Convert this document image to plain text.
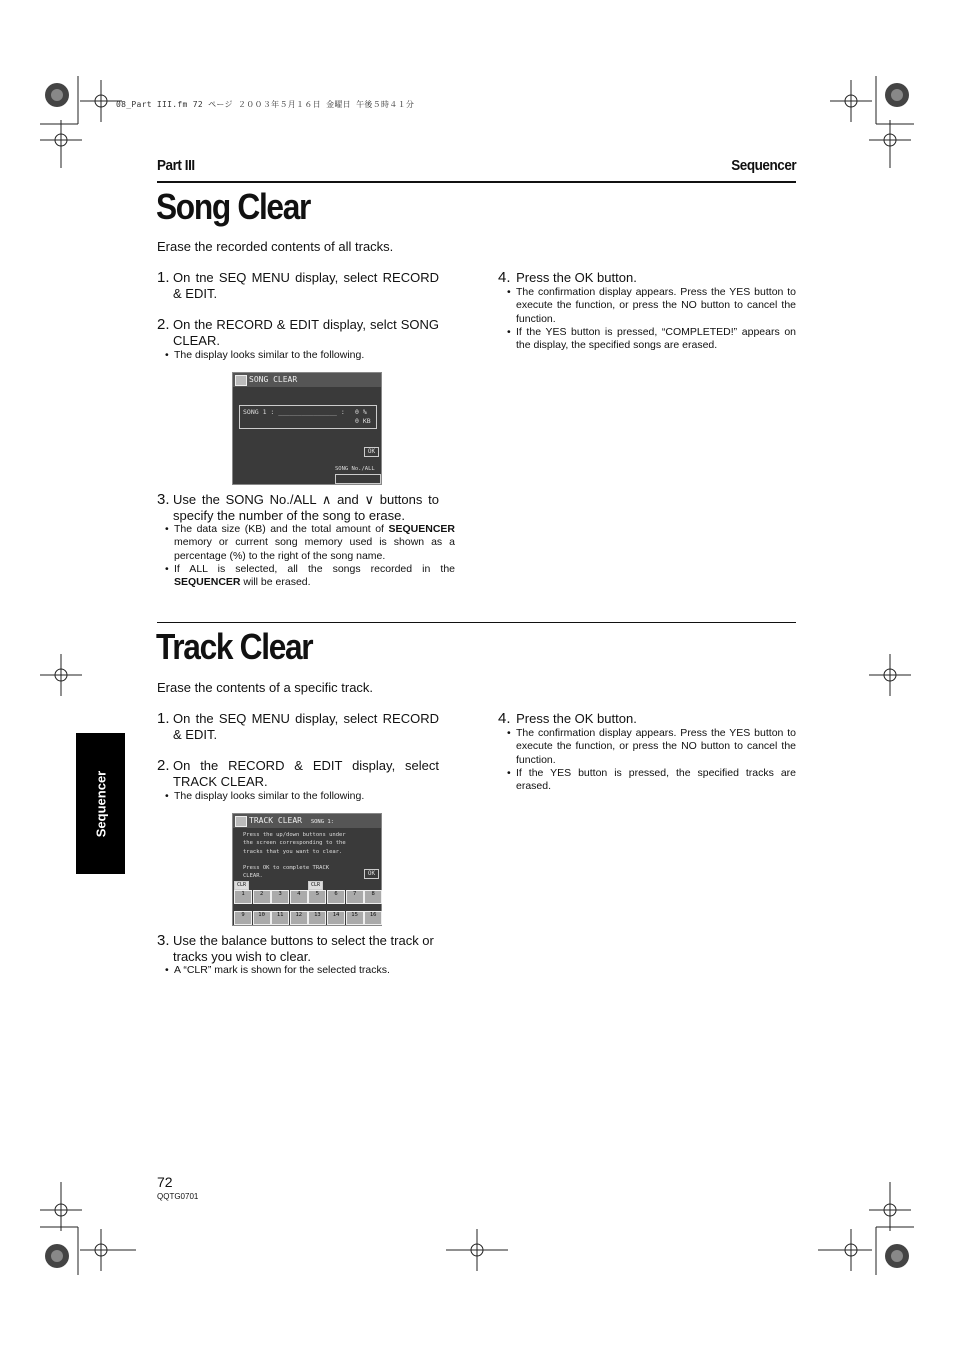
08_Part III.fm 72 ページ ２００３年５月１６日 金曜日 午後５時４１分
Part III	Sequencer
Song Clear
Erase the recorded contents of all tracks.
1. On tne SEQ MENU display, select RECORD & EDIT.
2. On the RECORD & EDIT display, selct SONG CLEAR.
• The display looks similar to the following.
SONG CLEAR
SONG 1 : _______________ : 0 %
0 KB
OK
SONG No./ALL
3. Use the SONG No./ALL ∧ and ∨ buttons to specify the number of the song to erase.
• The data size (KB) and the total amount of SEQUENCER memory or current song memory used is shown as a percentage (%) to the right of the song name.
• If ALL is selected, all the songs recorded in the SEQUENCER will be erased.
4. Press the OK button.
• The confirmation display appears. Press the YES button to execute the function, or press the NO button to cancel the function.
• If the YES button is pressed, “COMPLETED!” appears on the display, the specified songs are erased.
Track Clear
Erase the contents of a specific track.
1. On the SEQ MENU display, select RECORD & EDIT.
2. On the RECORD & EDIT display, select TRACK CLEAR.
• The display looks similar to the following.
TRACK CLEAR SONG 1:
Press the up/down buttons under
the screen corresponding to the
tracks that you want to clear.

Press OK to complete TRACK
CLEAR.	OK
CLR	CLR
1	2	3	4	5	6	7	8
9	10	11	12	13	14	15	16
3. Use the balance buttons to select the track or tracks you wish to clear.
• A “CLR” mark is shown for the selected tracks.
4. Press the OK button.
• The confirmation display appears. Press the YES button to execute the function, or press the NO button to cancel the function.
• If the YES button is pressed, the specified tracks are erased.
Sequencer
72
QQTG0701
